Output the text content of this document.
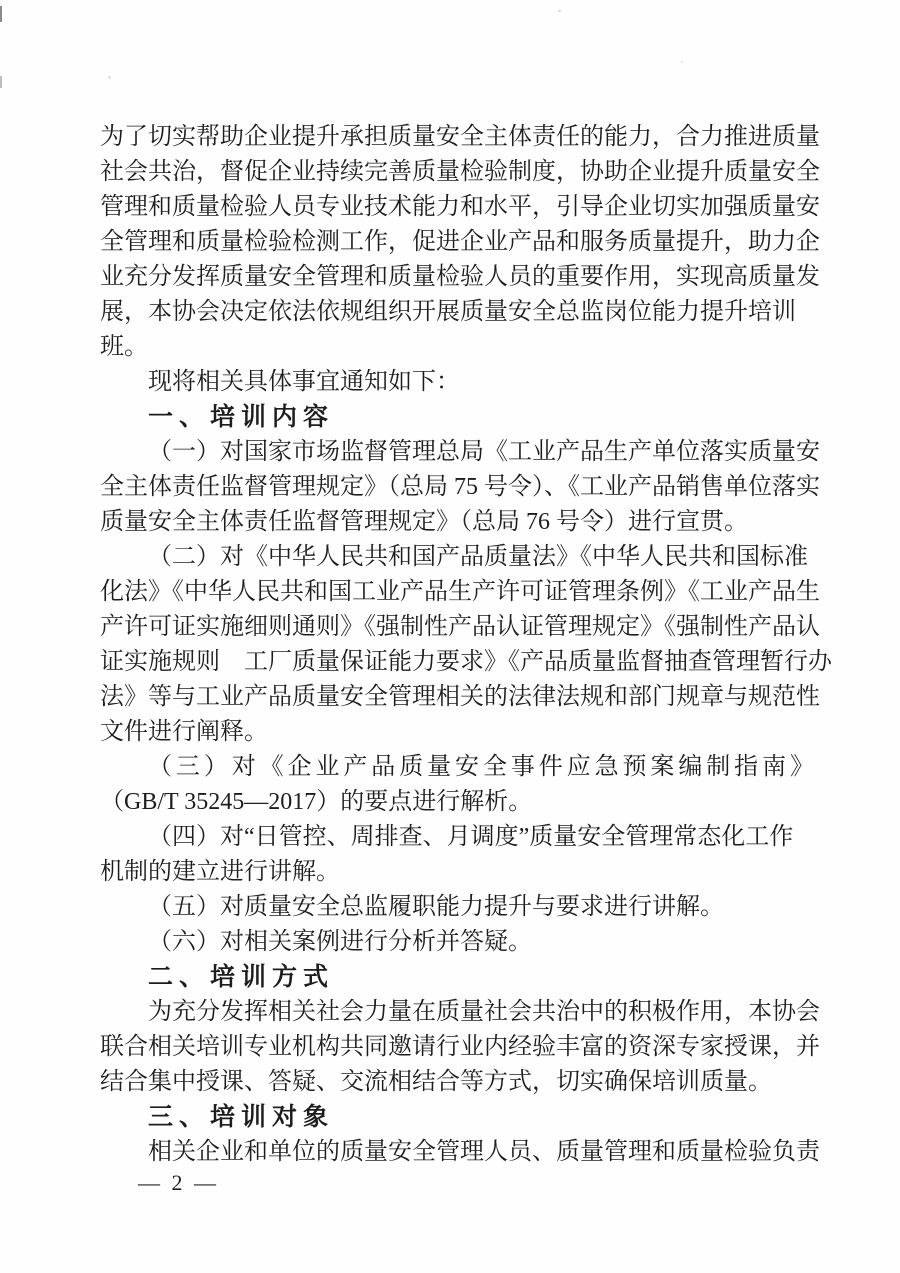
为了切实帮助企业提升承担质量安全主体责任的能力，合力推进质量
社会共治，督促企业持续完善质量检验制度，协助企业提升质量安全
管理和质量检验人员专业技术能力和水平，引导企业切实加强质量安
全管理和质量检验检测工作，促进企业产品和服务质量提升，助力企
业充分发挥质量安全管理和质量检验人员的重要作用，实现高质量发
展，本协会决定依法依规组织开展质量安全总监岗位能力提升培训
班。
现将相关具体事宜通知如下：
一、培训内容
（一）对国家市场监督管理总局《工业产品生产单位落实质量安
全主体责任监督管理规定》（总局 75 号令）、《工业产品销售单位落实
质量安全主体责任监督管理规定》（总局 76 号令）进行宣贯。
（二）对《中华人民共和国产品质量法》《中华人民共和国标准
化法》《中华人民共和国工业产品生产许可证管理条例》《工业产品生
产许可证实施细则通则》《强制性产品认证管理规定》《强制性产品认
证实施规则　工厂质量保证能力要求》《产品质量监督抽查管理暂行办
法》等与工业产品质量安全管理相关的法律法规和部门规章与规范性
文件进行阐释。
（三）对《企业产品质量安全事件应急预案编制指南》
（GB/T 35245—2017）的要点进行解析。
（四）对“日管控、周排查、月调度”质量安全管理常态化工作
机制的建立进行讲解。
（五）对质量安全总监履职能力提升与要求进行讲解。
（六）对相关案例进行分析并答疑。
二、培训方式
为充分发挥相关社会力量在质量社会共治中的积极作用，本协会
联合相关培训专业机构共同邀请行业内经验丰富的资深专家授课，并
结合集中授课、答疑、交流相结合等方式，切实确保培训质量。
三、培训对象
相关企业和单位的质量安全管理人员、质量管理和质量检验负责
— 2 —
